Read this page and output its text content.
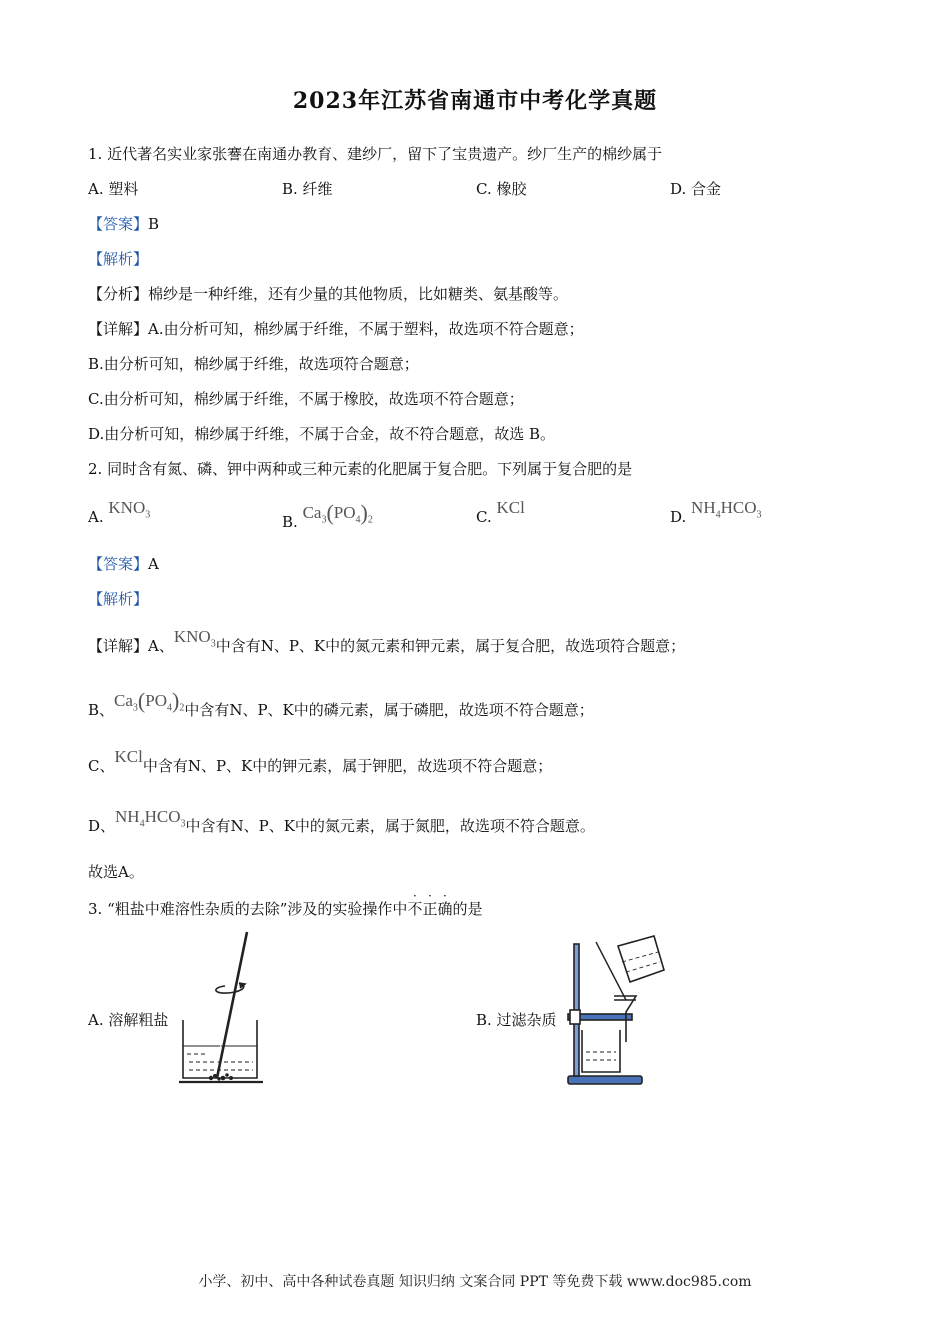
2023年江苏省南通市中考化学真题
1. 近代著名实业家张謇在南通办教育、建纱厂，留下了宝贵遗产。纱厂生产的棉纱属于
A. 塑料	B. 纤维	C. 橡胶	D. 合金
【答案】B
【解析】
【分析】棉纱是一种纤维，还有少量的其他物质，比如糖类、氨基酸等。
【详解】A.由分析可知，棉纱属于纤维，不属于塑料，故选项不符合题意；
B.由分析可知，棉纱属于纤维，故选项符合题意；
C.由分析可知，棉纱属于纤维，不属于橡胶，故选项不符合题意；
D.由分析可知，棉纱属于纤维，不属于合金，故不符合题意，故选 B。
2. 同时含有氮、磷、钾中两种或三种元素的化肥属于复合肥。下列属于复合肥的是
A. $KNO_3$	B. $Ca_3(PO_4)_2$	C. KCl	D. $NH_4HCO_3$
【答案】A
【解析】
【详解】A、$KNO_3$中含有N、P、K中的氮元素和钾元素，属于复合肥，故选项符合题意；
B、$Ca_3(PO_4)_2$中含有N、P、K中的磷元素，属于磷肥，故选项不符合题意；
C、KCl中含有N、P、K中的钾元素，属于钾肥，故选项不符合题意；
D、$NH_4HCO_3$中含有N、P、K中的氮元素，属于氮肥，故选项不符合题意。
故选A。
3. “粗盐中难溶性杂质的去除”涉及的实验操作中
·
不
·
正
·
确的是
A. 溶解粗盐	B. 过滤杂质
小学、初中、高中各种试卷真题 知识归纳 文案合同 PPT 等免费下载 www.doc985.com
